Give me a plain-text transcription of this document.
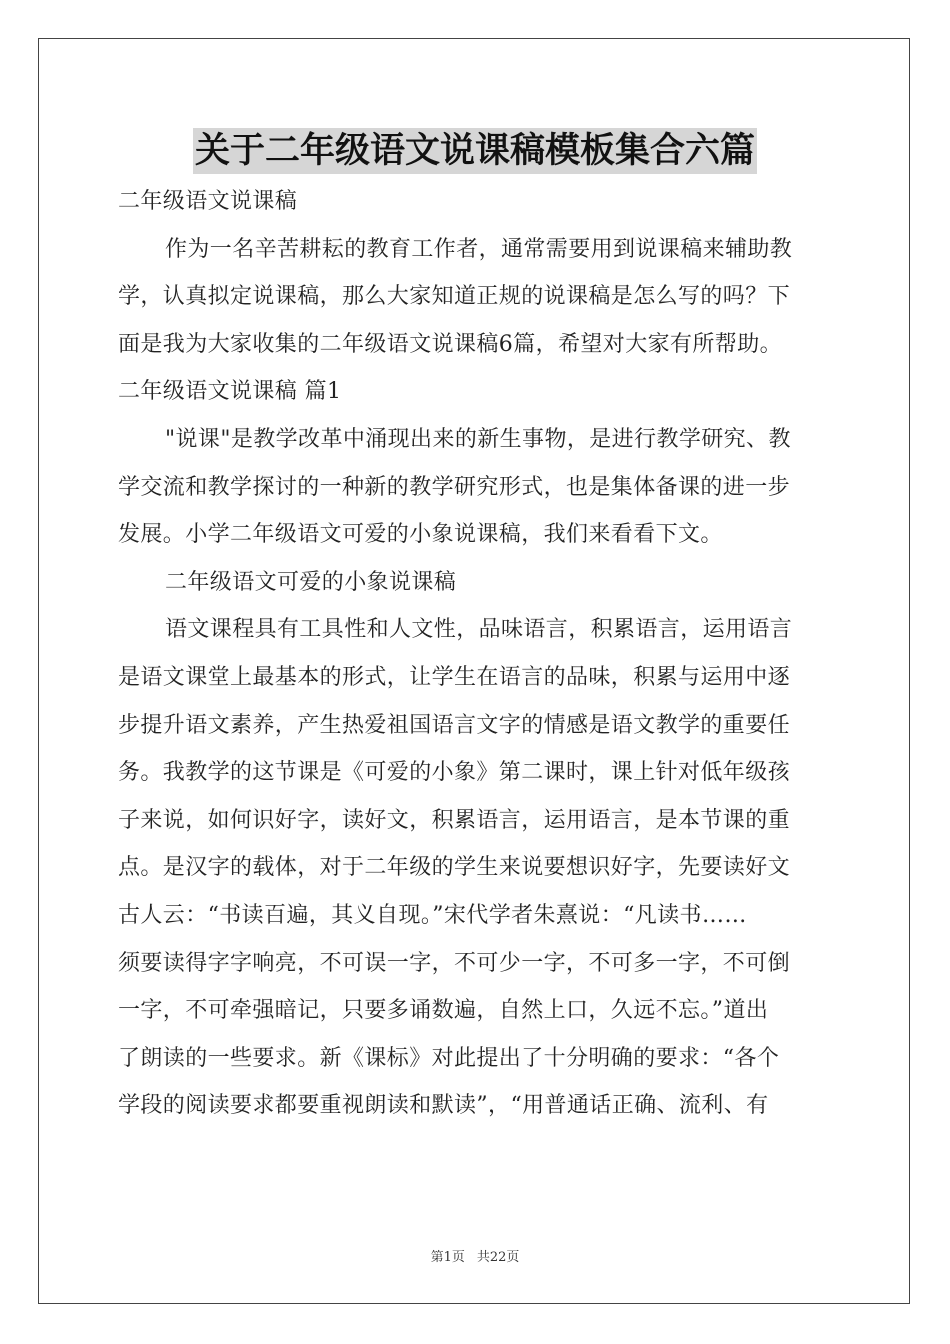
关于二年级语文说课稿模板集合六篇
二年级语文说课稿
作为一名辛苦耕耘的教育工作者，通常需要用到说课稿来辅助教
学，认真拟定说课稿，那么大家知道正规的说课稿是怎么写的吗？下
面是我为大家收集的二年级语文说课稿6篇，希望对大家有所帮助。
二年级语文说课稿 篇1
"说课"是教学改革中涌现出来的新生事物，是进行教学研究、教
学交流和教学探讨的一种新的教学研究形式，也是集体备课的进一步
发展。小学二年级语文可爱的小象说课稿，我们来看看下文。
二年级语文可爱的小象说课稿
语文课程具有工具性和人文性，品味语言，积累语言，运用语言
是语文课堂上最基本的形式，让学生在语言的品味，积累与运用中逐
步提升语文素养，产生热爱祖国语言文字的情感是语文教学的重要任
务。我教学的这节课是《可爱的小象》第二课时，课上针对低年级孩
子来说，如何识好字，读好文，积累语言，运用语言，是本节课的重
点。是汉字的载体，对于二年级的学生来说要想识好字，先要读好文
古人云：“书读百遍，其义自现。”宋代学者朱熹说：“凡读书……
须要读得字字响亮，不可误一字，不可少一字，不可多一字，不可倒
一字，不可牵强暗记，只要多诵数遍，自然上口，久远不忘。”道出
了朗读的一些要求。新《课标》对此提出了十分明确的要求：“各个
学段的阅读要求都要重视朗读和默读”，“用普通话正确、流利、有
第1页 共22页
